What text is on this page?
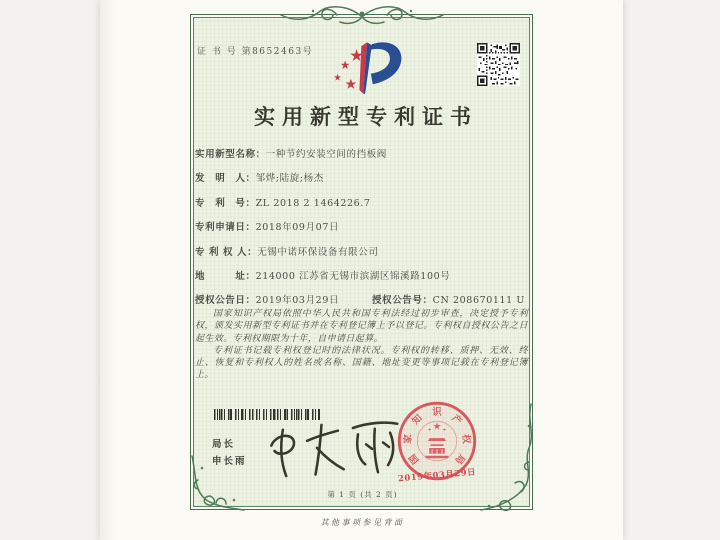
证 书 号 第8652463号
实用新型专利证书
实用新型名称：一种节约安装空间的挡板阀
发　明　人：邹烨;陆旋;杨杰
专　利　号：ZL 2018 2 1464226.7
专利申请日：2018年09月07日
专 利 权 人：无锡中诺环保设备有限公司
地　　　址：214000 江苏省无锡市滨湖区锦溪路100号
授权公告日：2019年03月29日	授权公告号：CN 208670111 U

国家知识产权局依照中华人民共和国专利法经过初步审查，决定授予专利权，颁发实用新型专利证书并在专利登记簿上予以登记。专利权自授权公告之日起生效。专利权期限为十年，自申请日起算。

专利证书记载专利权登记时的法律状况。专利权的转移、质押、无效、终止、恢复和专利权人的姓名或名称、国籍、地址变更等事项记载在专利登记簿上。

局长
申长雨	国
家
知
识
产
权
局
2019年03月29日
第 1 页 (共 2 页)
其他事项参见背面
